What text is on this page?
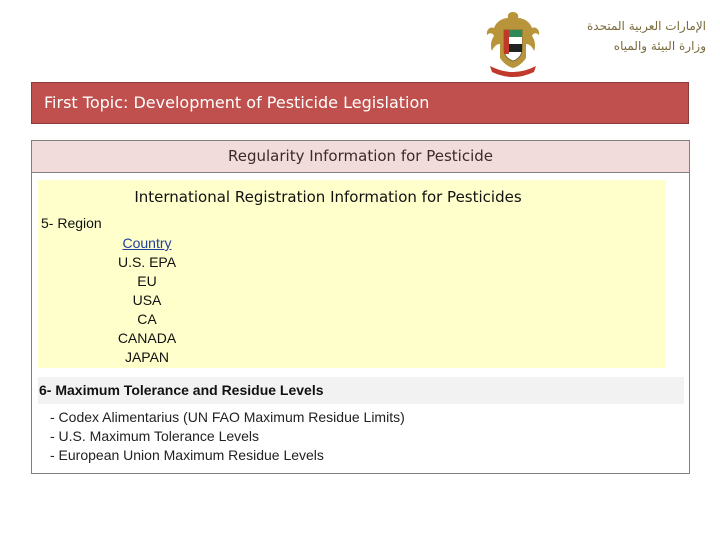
الإمارات العربية المتحدة
وزارة البيئة والمياه
First Topic: Development of Pesticide Legislation
Regularity Information for Pesticide
International Registration Information for Pesticides
5- Region
Country
U.S. EPA
EU
USA
CA
CANADA
JAPAN
6- Maximum Tolerance and Residue Levels
- Codex Alimentarius (UN FAO Maximum Residue Limits)
- U.S. Maximum Tolerance Levels
- European Union Maximum Residue Levels
